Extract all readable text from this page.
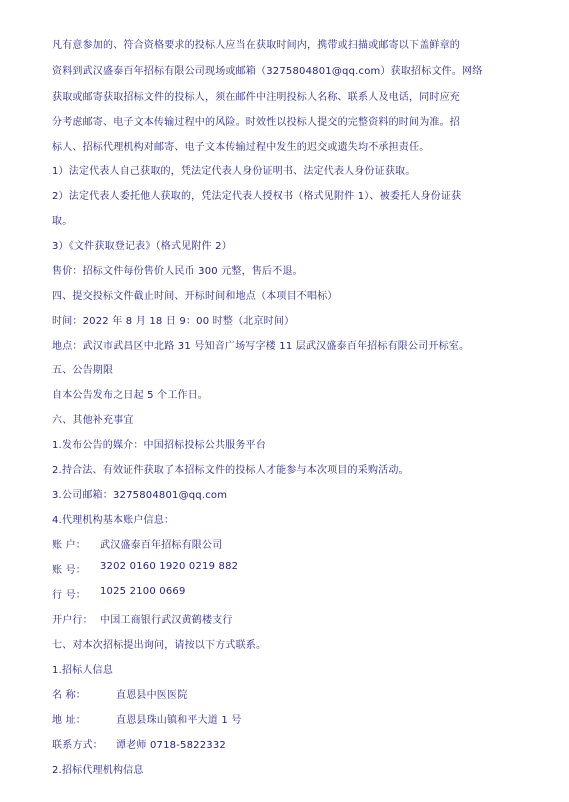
凡有意参加的、符合资格要求的投标人应当在获取时间内，携带或扫描或邮寄以下盖鲜章的
资料到武汉盛泰百年招标有限公司现场或邮箱（3275804801@qq.com）获取招标文件。网络
获取或邮寄获取招标文件的投标人，须在邮件中注明投标人名称、联系人及电话，同时应充
分考虑邮寄、电子文本传输过程中的风险。时效性以投标人提交的完整资料的时间为准。招
标人、招标代理机构对邮寄、电子文本传输过程中发生的迟交或遗失均不承担责任。
1）法定代表人自己获取的，凭法定代表人身份证明书、法定代表人身份证获取。
2）法定代表人委托他人获取的，凭法定代表人授权书（格式见附件 1）、被委托人身份证获
取。
3）《文件获取登记表》（格式见附件 2）
售价：招标文件每份售价人民币 300 元整，售后不退。
四、提交投标文件截止时间、开标时间和地点（本项目不唱标）
时间：2022 年 8 月 18 日 9：00 时整（北京时间）
地点：武汉市武昌区中北路 31 号知音广场写字楼 11 层武汉盛泰百年招标有限公司开标室。
五、公告期限
自本公告发布之日起 5 个工作日。
六、其他补充事宜
1.发布公告的媒介：中国招标投标公共服务平台
2.持合法、有效证件获取了本招标文件的投标人才能参与本次项目的采购活动。
3.公司邮箱：3275804801@qq.com
4.代理机构基本账户信息：
账 户： 武汉盛泰百年招标有限公司
账 号： 3202 0160 1920 0219 882
行 号： 1025 2100 0669
开户行： 中国工商银行武汉黄鹤楼支行
七、对本次招标提出询问，请按以下方式联系。
1.招标人信息
名 称：	直恩县中医医院
地 址：	直恩县珠山镇和平大道 1 号
联系方式： 谭老师 0718-5822332
2.招标代理机构信息
